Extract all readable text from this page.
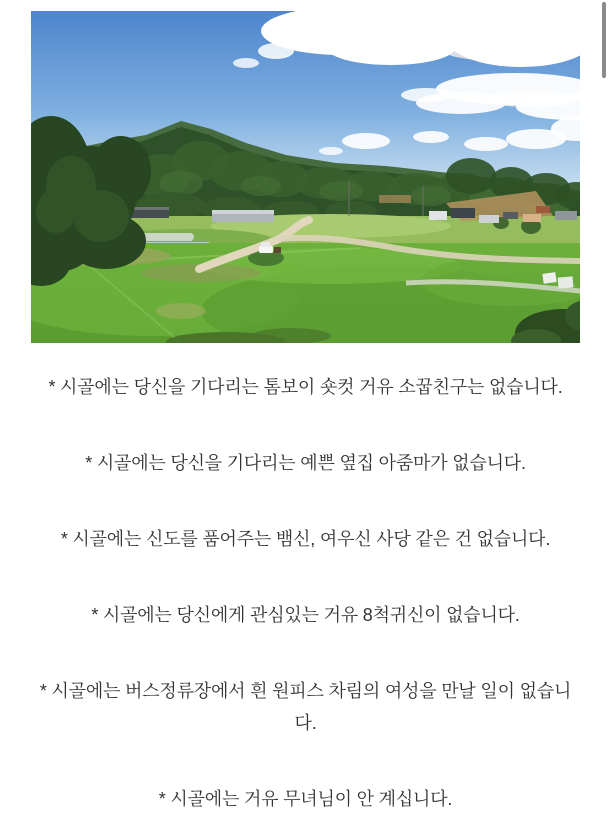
* 시골에는 당신을 기다리는 톰보이 숏컷 거유 소꿉친구는 없습니다.

* 시골에는 당신을 기다리는 예쁜 옆집 아줌마가 없습니다.

* 시골에는 신도를 품어주는 뱀신, 여우신 사당 같은 건 없습니다.

* 시골에는 당신에게 관심있는 거유 8척귀신이 없습니다.

* 시골에는 버스정류장에서 흰 원피스 차림의 여성을 만날 일이 없습니다.

* 시골에는 거유 무녀님이 안 계십니다.
